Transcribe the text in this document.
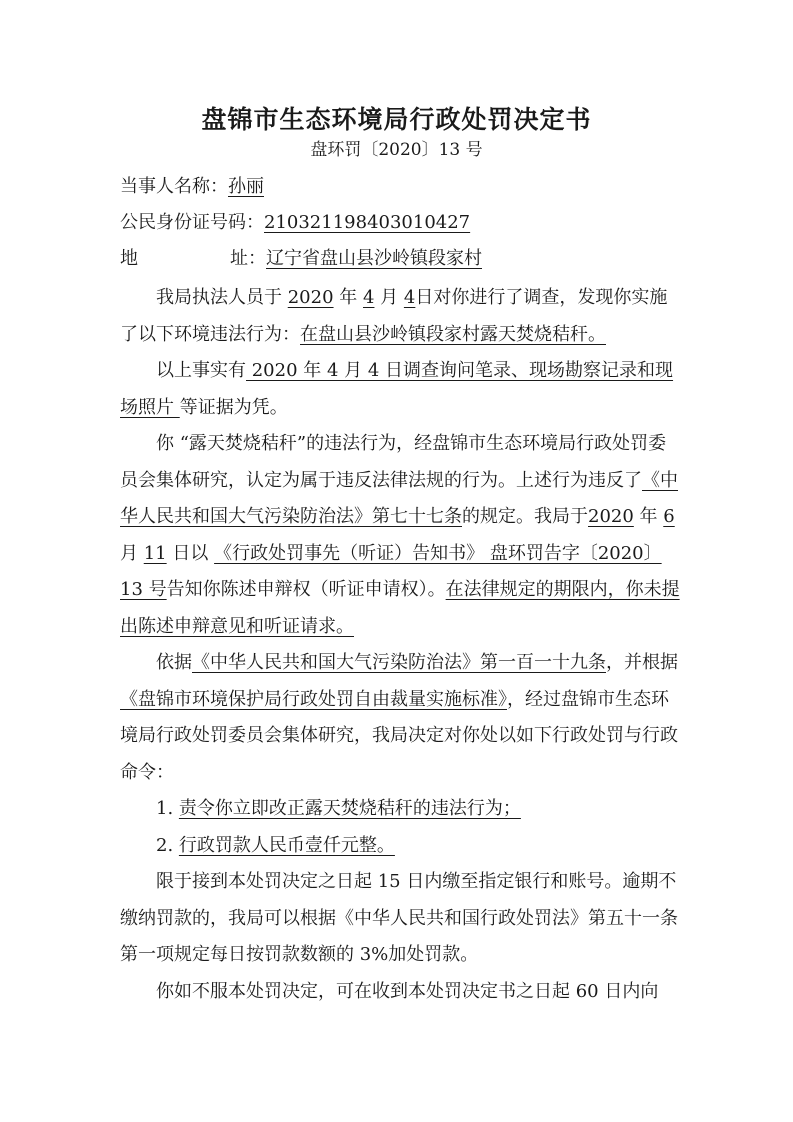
盘锦市生态环境局行政处罚决定书
盘环罚〔2020〕13 号
当事人名称：孙丽
公民身份证号码：210321198403010427
地	址：辽宁省盘山县沙岭镇段家村

我局执法人员于 2020 年 4 月 4日对你进行了调查，发现你实施了以下环境违法行为：在盘山县沙岭镇段家村露天焚烧秸秆。

以上事实有 2020 年 4 月 4 日调查询问笔录、现场勘察记录和现场照片 等证据为凭。

你 “露天焚烧秸秆”的违法行为，经盘锦市生态环境局行政处罚委员会集体研究，认定为属于违反法律法规的行为。上述行为违反了《中华人民共和国大气污染防治法》第七十七条的规定。我局于2020 年 6 月 11 日以 《行政处罚事先（听证）告知书》 盘环罚告字〔2020〕13 号告知你陈述申辩权（听证申请权）。在法律规定的期限内，你未提出陈述申辩意见和听证请求。

依据《中华人民共和国大气污染防治法》第一百一十九条，并根据《盘锦市环境保护局行政处罚自由裁量实施标准》，经过盘锦市生态环境局行政处罚委员会集体研究，我局决定对你处以如下行政处罚与行政命令：

1. 责令你立即改正露天焚烧秸秆的违法行为；

2. 行政罚款人民币壹仟元整。

限于接到本处罚决定之日起 15 日内缴至指定银行和账号。逾期不缴纳罚款的，我局可以根据《中华人民共和国行政处罚法》第五十一条第一项规定每日按罚款数额的 3%加处罚款。

你如不服本处罚决定，可在收到本处罚决定书之日起 60 日内向
